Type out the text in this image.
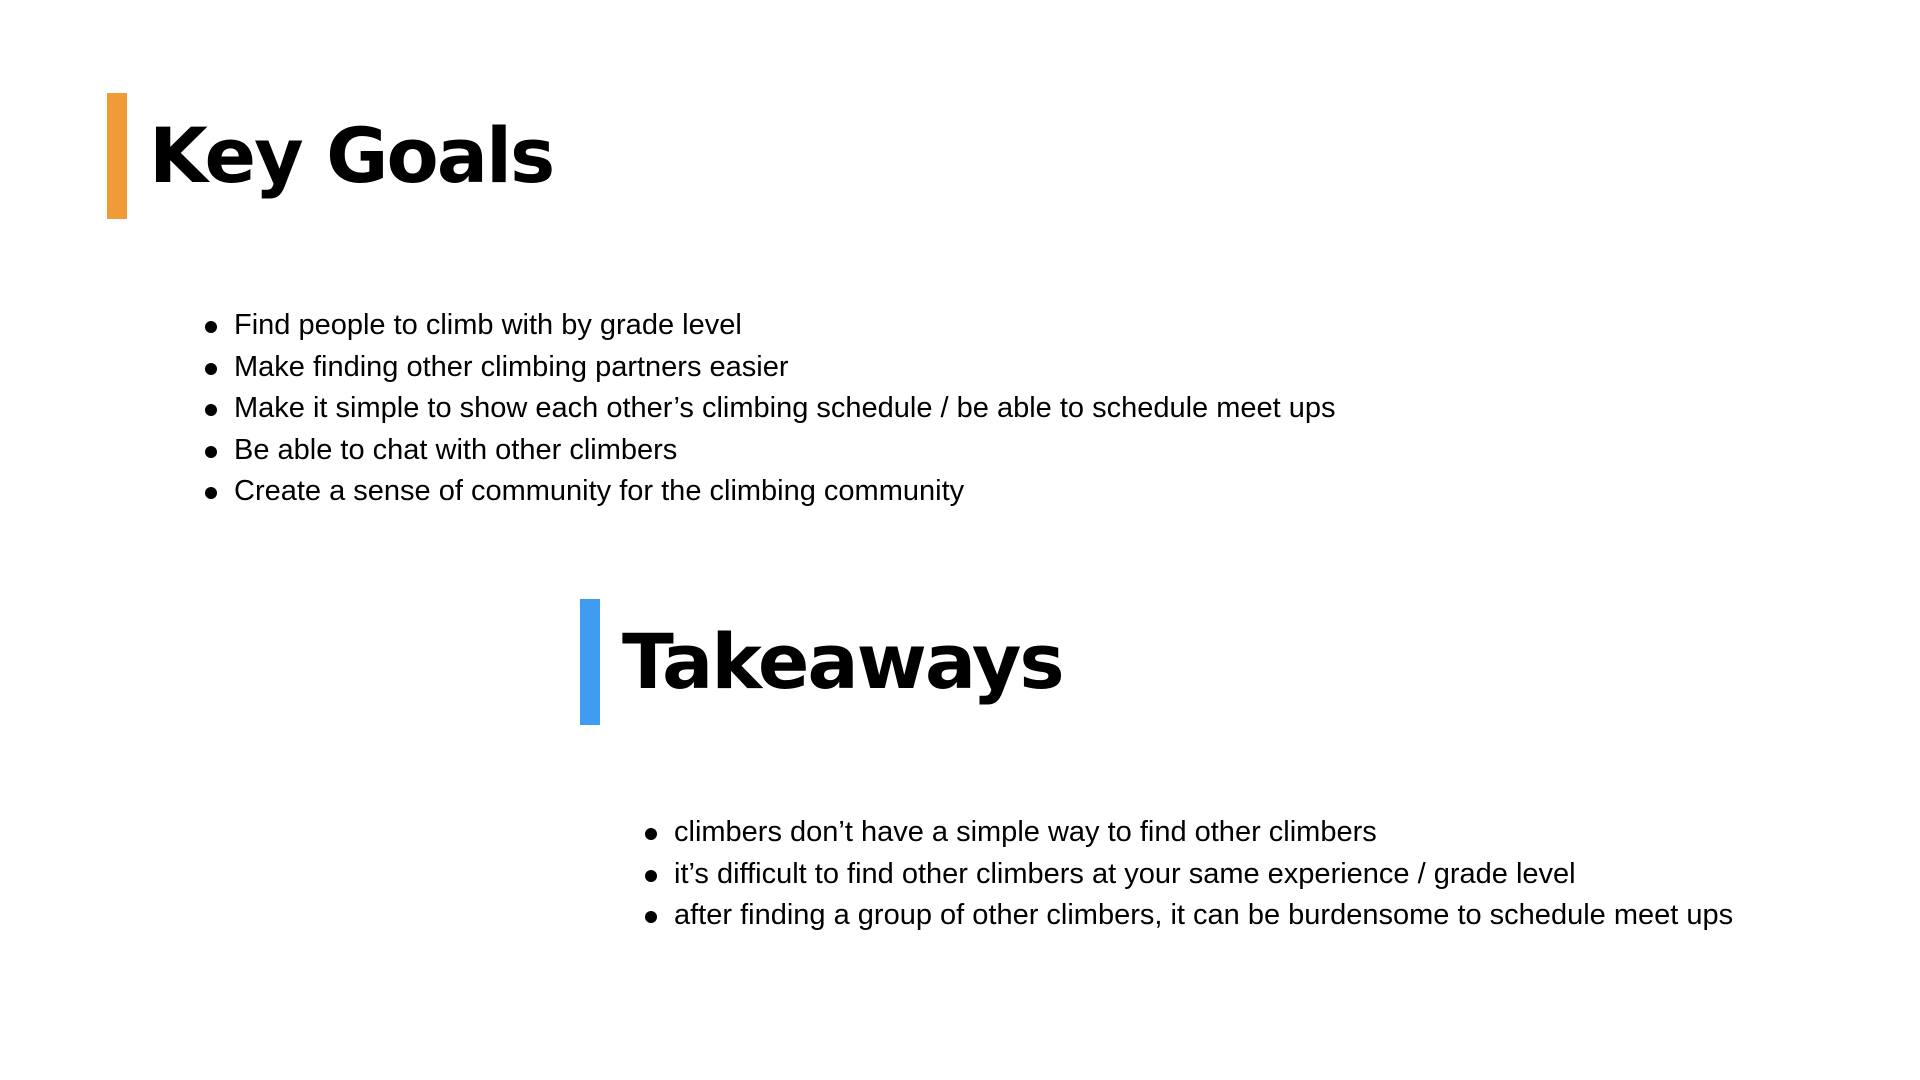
Key Goals
Find people to climb with by grade level
Make finding other climbing partners easier
Make it simple to show each other’s climbing schedule / be able to schedule meet ups
Be able to chat with other climbers
Create a sense of community for the climbing community
Takeaways
climbers don’t have a simple way to find other climbers
it’s difficult to find other climbers at your same experience / grade level
after finding a group of other climbers, it can be burdensome to schedule meet ups
